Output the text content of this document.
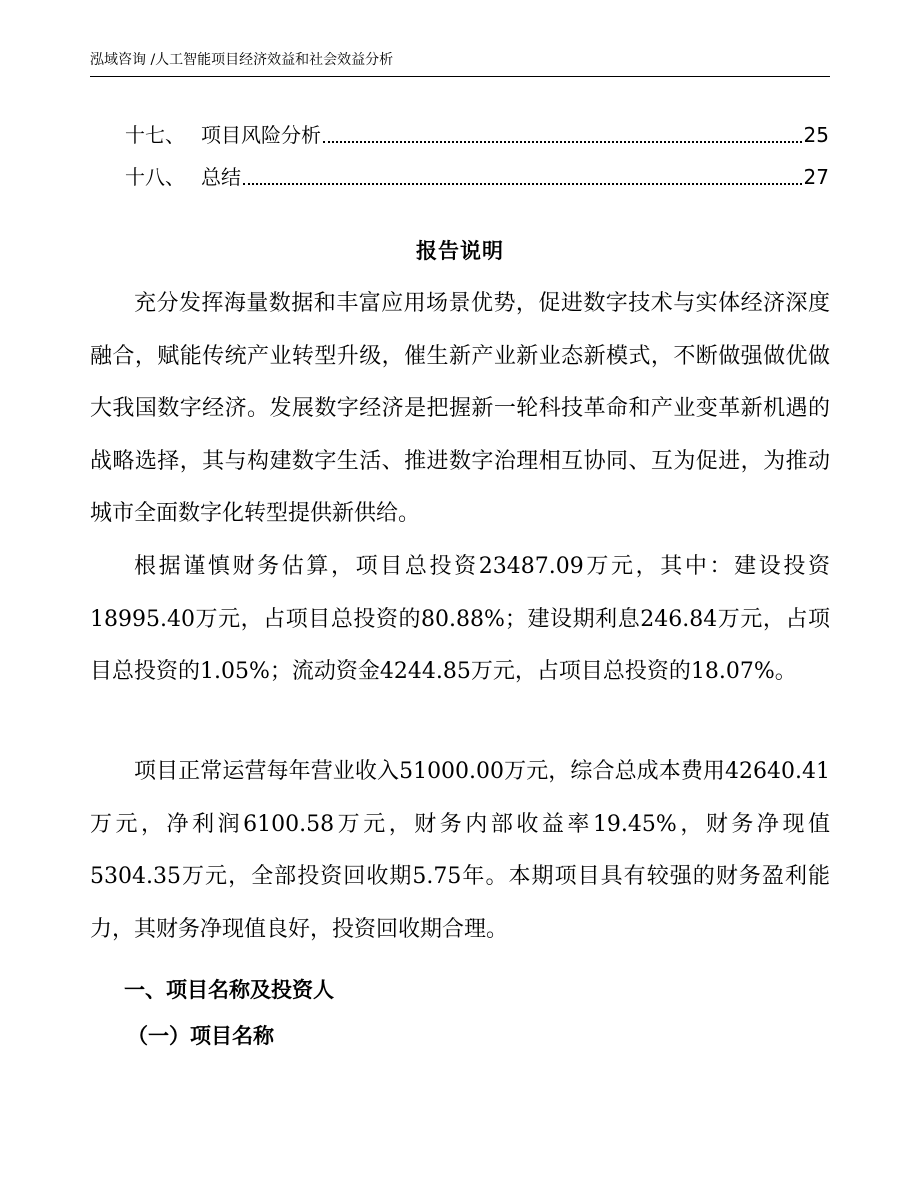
泓域咨询 /人工智能项目经济效益和社会效益分析
十七、 项目风险分析	25
十八、 总结	27
报告说明

充分发挥海量数据和丰富应用场景优势，促进数字技术与实体经济深度融合，赋能传统产业转型升级，催生新产业新业态新模式，不断做强做优做大我国数字经济。发展数字经济是把握新一轮科技革命和产业变革新机遇的战略选择，其与构建数字生活、推进数字治理相互协同、互为促进，为推动城市全面数字化转型提供新供给。

根据谨慎财务估算，项目总投资23487.09万元，其中：建设投资18995.40万元，占项目总投资的80.88%；建设期利息246.84万元，占项目总投资的1.05%；流动资金4244.85万元，占项目总投资的18.07%。

项目正常运营每年营业收入51000.00万元，综合总成本费用42640.41万元，净利润6100.58万元，财务内部收益率19.45%，财务净现值5304.35万元，全部投资回收期5.75年。本期项目具有较强的财务盈利能力，其财务净现值良好，投资回收期合理。

一、项目名称及投资人
（一）项目名称
